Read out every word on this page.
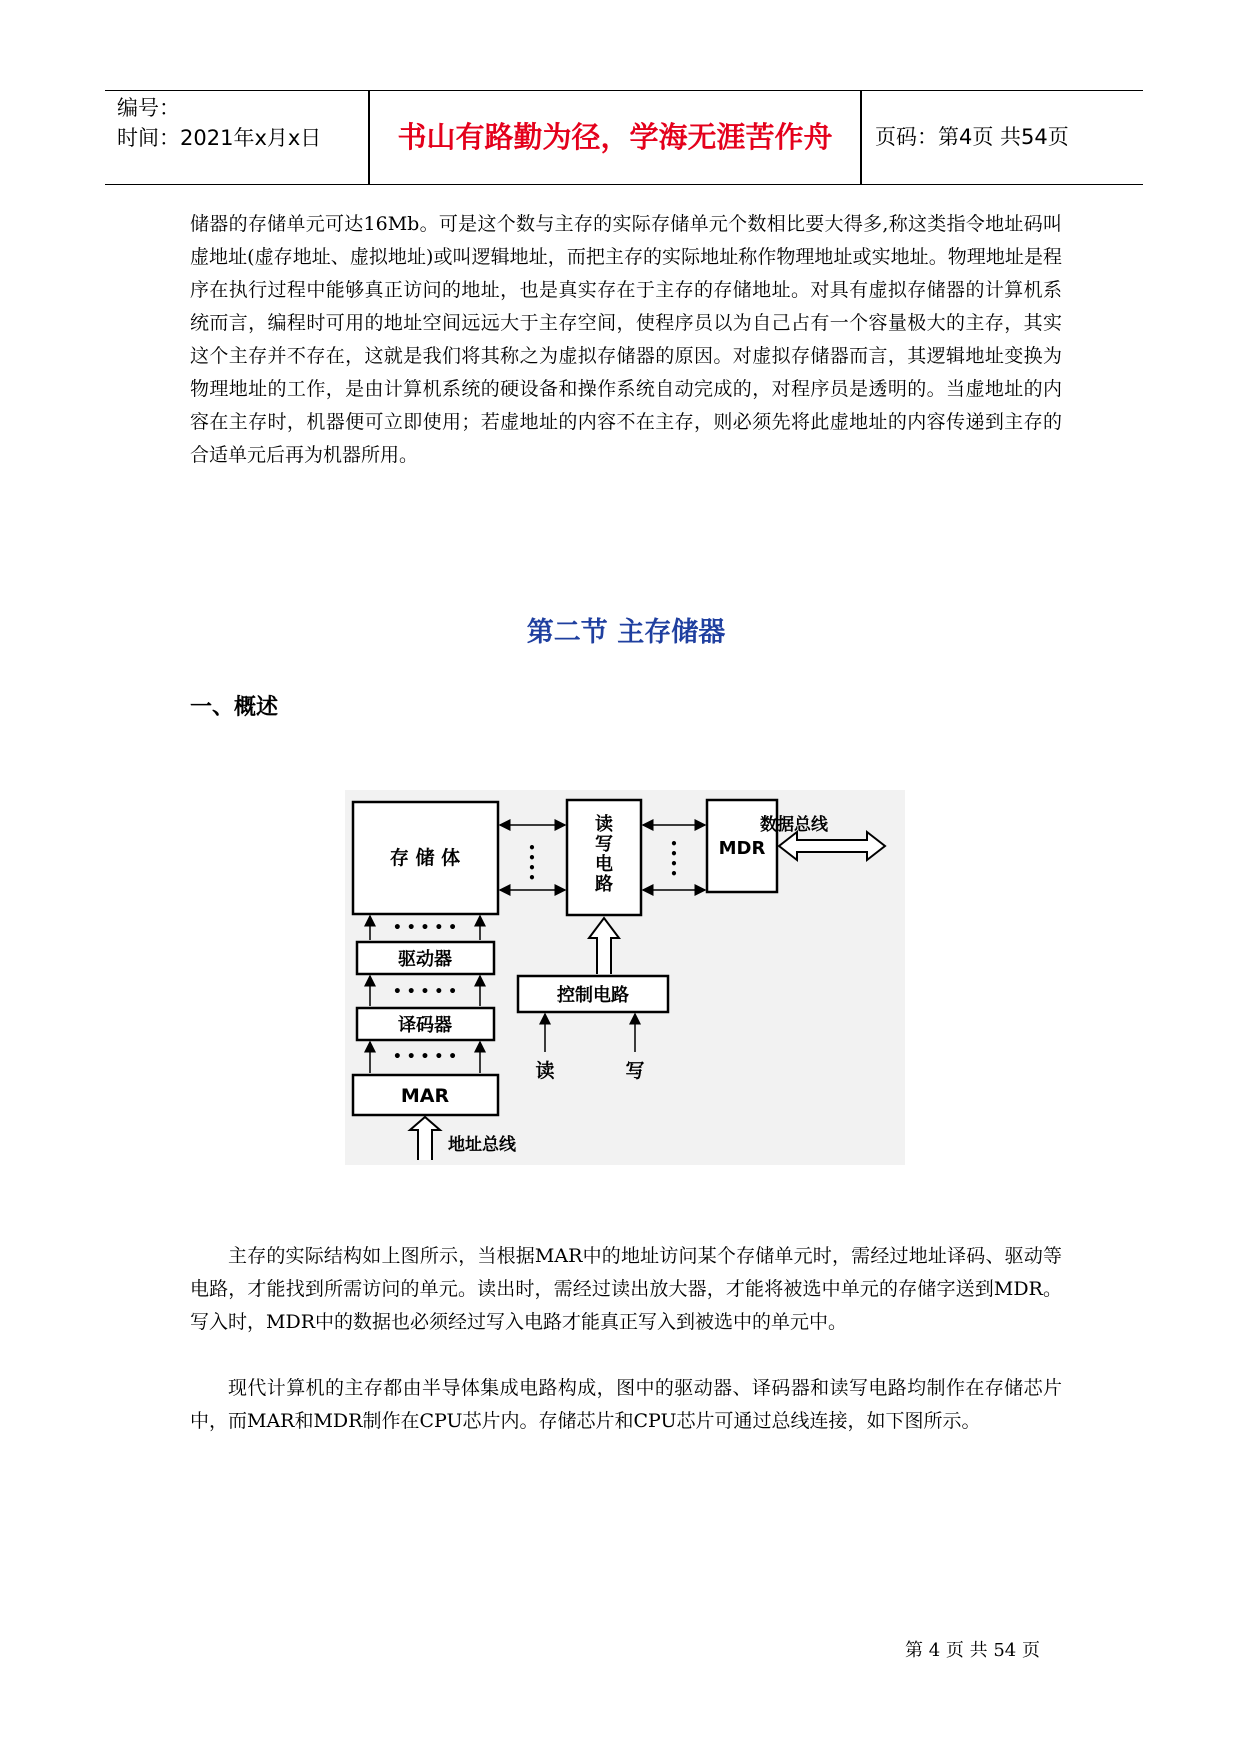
编号：
时间：2021年x月x日	书山有路勤为径，学海无涯苦作舟	页码：第4页 共54页

储器的存储单元可达16Mb。可是这个数与主存的实际存储单元个数相比要大得多,称这类指令地址码叫虚地址(虚存地址、虚拟地址)或叫逻辑地址，而把主存的实际地址称作物理地址或实地址。物理地址是程序在执行过程中能够真正访问的地址，也是真实存在于主存的存储地址。对具有虚拟存储器的计算机系统而言，编程时可用的地址空间远远大于主存空间，使程序员以为自己占有一个容量极大的主存，其实这个主存并不存在，这就是我们将其称之为虚拟存储器的原因。对虚拟存储器而言，其逻辑地址变换为物理地址的工作，是由计算机系统的硬设备和操作系统自动完成的，对程序员是透明的。当虚地址的内容在主存时，机器便可立即使用；若虚地址的内容不在主存，则必须先将此虚地址的内容传递到主存的合适单元后再为机器所用。

第二节 主存储器
一、概述
存 储 体
读
写
电
路
MDR
•
•
•
•
•
•
•
•
数据总线
驱动器
• • • • •
译码器
• • • • •
MAR
• • • • •
地址总线
控制电路
读	写

主存的实际结构如上图所示，当根据MAR中的地址访问某个存储单元时，需经过地址译码、驱动等电路，才能找到所需访问的单元。读出时，需经过读出放大器，才能将被选中单元的存储字送到MDR。写入时，MDR中的数据也必须经过写入电路才能真正写入到被选中的单元中。

现代计算机的主存都由半导体集成电路构成，图中的驱动器、译码器和读写电路均制作在存储芯片中，而MAR和MDR制作在CPU芯片内。存储芯片和CPU芯片可通过总线连接，如下图所示。

第 4 页 共 54 页
